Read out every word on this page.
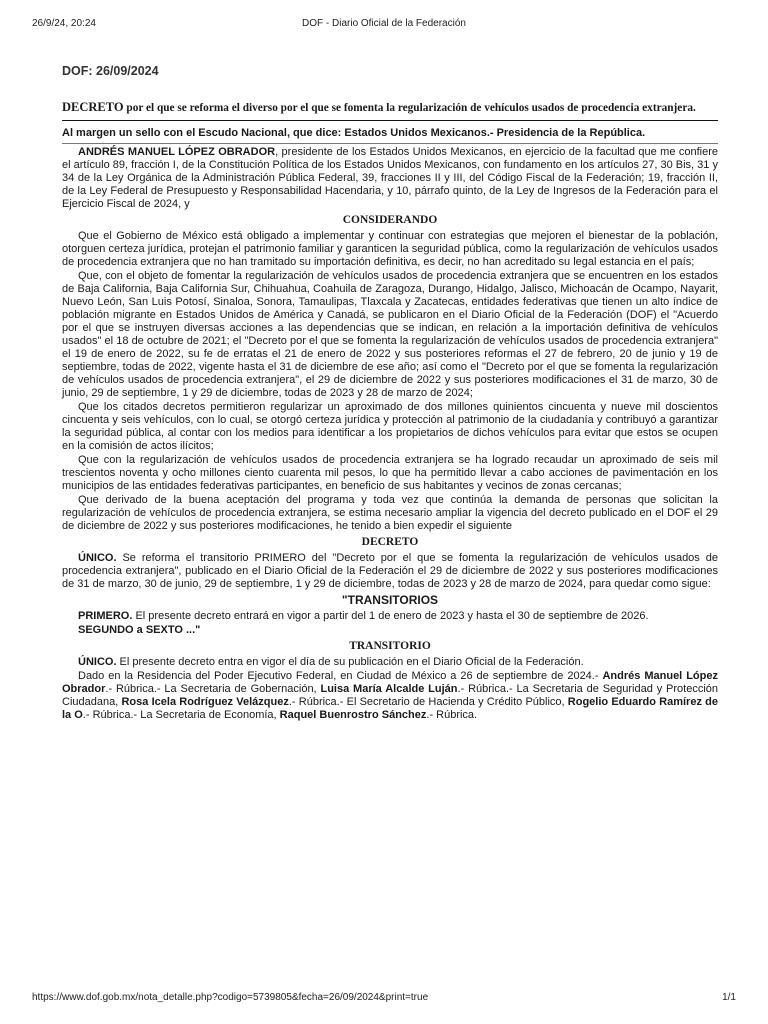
26/9/24, 20:24	DOF - Diario Oficial de la Federación
DOF: 26/09/2024
DECRETO por el que se reforma el diverso por el que se fomenta la regularización de vehículos usados de procedencia extranjera.
Al margen un sello con el Escudo Nacional, que dice: Estados Unidos Mexicanos.- Presidencia de la República.

ANDRÉS MANUEL LÓPEZ OBRADOR, presidente de los Estados Unidos Mexicanos, en ejercicio de la facultad que me confiere el artículo 89, fracción I, de la Constitución Política de los Estados Unidos Mexicanos, con fundamento en los artículos 27, 30 Bis, 31 y 34 de la Ley Orgánica de la Administración Pública Federal, 39, fracciones II y III, del Código Fiscal de la Federación; 19, fracción II, de la Ley Federal de Presupuesto y Responsabilidad Hacendaria, y 10, párrafo quinto, de la Ley de Ingresos de la Federación para el Ejercicio Fiscal de 2024, y

CONSIDERANDO

Que el Gobierno de México está obligado a implementar y continuar con estrategias que mejoren el bienestar de la población, otorguen certeza jurídica, protejan el patrimonio familiar y garanticen la seguridad pública, como la regularización de vehículos usados de procedencia extranjera que no han tramitado su importación definitiva, es decir, no han acreditado su legal estancia en el país;

Que, con el objeto de fomentar la regularización de vehículos usados de procedencia extranjera que se encuentren en los estados de Baja California, Baja California Sur, Chihuahua, Coahuila de Zaragoza, Durango, Hidalgo, Jalisco, Michoacán de Ocampo, Nayarit, Nuevo León, San Luis Potosí, Sinaloa, Sonora, Tamaulipas, Tlaxcala y Zacatecas, entidades federativas que tienen un alto índice de población migrante en Estados Unidos de América y Canadá, se publicaron en el Diario Oficial de la Federación (DOF) el "Acuerdo por el que se instruyen diversas acciones a las dependencias que se indican, en relación a la importación definitiva de vehículos usados" el 18 de octubre de 2021; el "Decreto por el que se fomenta la regularización de vehículos usados de procedencia extranjera" el 19 de enero de 2022, su fe de erratas el 21 de enero de 2022 y sus posteriores reformas el 27 de febrero, 20 de junio y 19 de septiembre, todas de 2022, vigente hasta el 31 de diciembre de ese año; así como el "Decreto por el que se fomenta la regularización de vehículos usados de procedencia extranjera", el 29 de diciembre de 2022 y sus posteriores modificaciones el 31 de marzo, 30 de junio, 29 de septiembre, 1 y 29 de diciembre, todas de 2023 y 28 de marzo de 2024;

Que los citados decretos permitieron regularizar un aproximado de dos millones quinientos cincuenta y nueve mil doscientos cincuenta y seis vehículos, con lo cual, se otorgó certeza jurídica y protección al patrimonio de la ciudadanía y contribuyó a garantizar la seguridad pública, al contar con los medios para identificar a los propietarios de dichos vehículos para evitar que estos se ocupen en la comisión de actos ilícitos;

Que con la regularización de vehículos usados de procedencia extranjera se ha logrado recaudar un aproximado de seis mil trescientos noventa y ocho millones ciento cuarenta mil pesos, lo que ha permitido llevar a cabo acciones de pavimentación en los municipios de las entidades federativas participantes, en beneficio de sus habitantes y vecinos de zonas cercanas;

Que derivado de la buena aceptación del programa y toda vez que continúa la demanda de personas que solicitan la regularización de vehículos de procedencia extranjera, se estima necesario ampliar la vigencia del decreto publicado en el DOF el 29 de diciembre de 2022 y sus posteriores modificaciones, he tenido a bien expedir el siguiente

DECRETO

ÚNICO. Se reforma el transitorio PRIMERO del "Decreto por el que se fomenta la regularización de vehículos usados de procedencia extranjera", publicado en el Diario Oficial de la Federación el 29 de diciembre de 2022 y sus posteriores modificaciones de 31 de marzo, 30 de junio, 29 de septiembre, 1 y 29 de diciembre, todas de 2023 y 28 de marzo de 2024, para quedar como sigue:

"TRANSITORIOS

PRIMERO. El presente decreto entrará en vigor a partir del 1 de enero de 2023 y hasta el 30 de septiembre de 2026.

SEGUNDO a SEXTO ..."

TRANSITORIO

ÚNICO. El presente decreto entra en vigor el día de su publicación en el Diario Oficial de la Federación.

Dado en la Residencia del Poder Ejecutivo Federal, en Ciudad de México a 26 de septiembre de 2024.- Andrés Manuel López Obrador.- Rúbrica.- La Secretaria de Gobernación, Luisa María Alcalde Luján.- Rúbrica.- La Secretaria de Seguridad y Protección Ciudadana, Rosa Icela Rodríguez Velázquez.- Rúbrica.- El Secretario de Hacienda y Crédito Público, Rogelio Eduardo Ramírez de la O.- Rúbrica.- La Secretaria de Economía, Raquel Buenrostro Sánchez.- Rúbrica.

https://www.dof.gob.mx/nota_detalle.php?codigo=5739805&fecha=26/09/2024&print=true	1/1
